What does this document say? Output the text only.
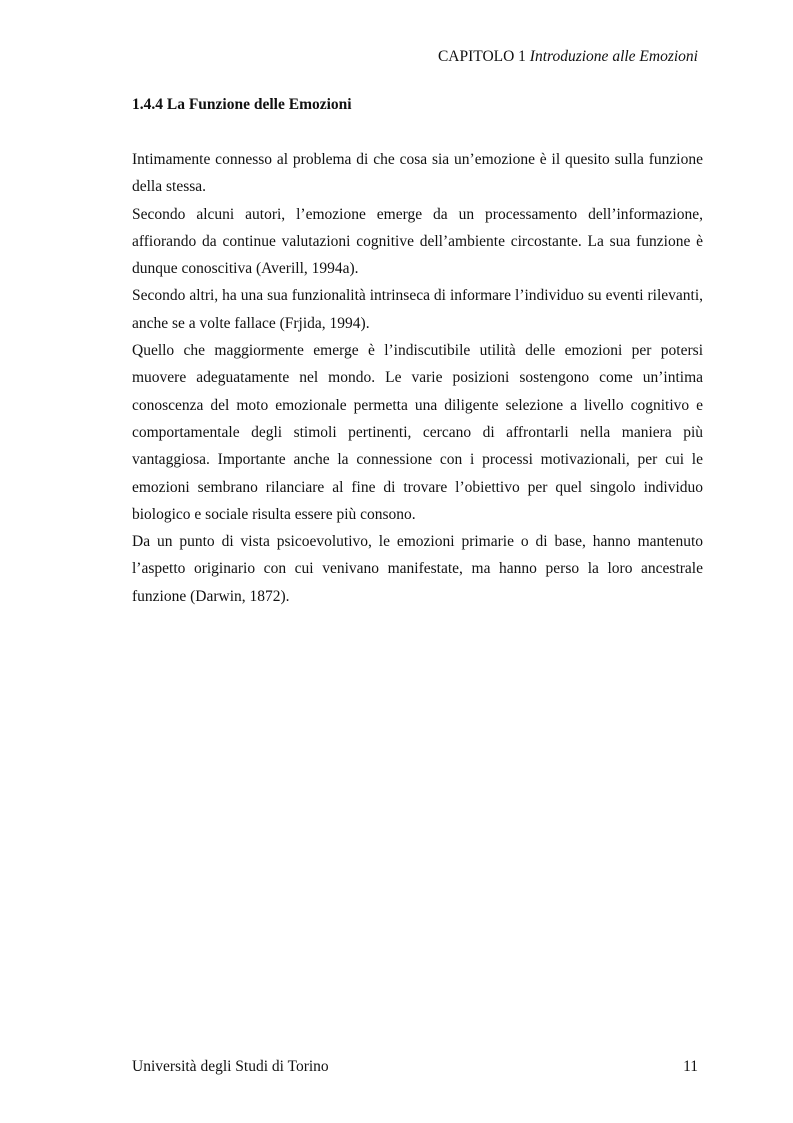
CAPITOLO 1 Introduzione alle Emozioni
1.4.4 La Funzione delle Emozioni

Intimamente connesso al problema di che cosa sia un’emozione è il quesito sulla funzione della stessa.

Secondo alcuni autori, l’emozione emerge da un processamento dell’informazione, affiorando da continue valutazioni cognitive dell’ambiente circostante. La sua funzione è dunque conoscitiva (Averill, 1994a).

Secondo altri, ha una sua funzionalità intrinseca di informare l’individuo su eventi rilevanti, anche se a volte fallace (Frjida, 1994).

Quello che maggiormente emerge è l’indiscutibile utilità delle emozioni per potersi muovere adeguatamente nel mondo. Le varie posizioni sostengono come un’intima conoscenza del moto emozionale permetta una diligente selezione a livello cognitivo e comportamentale degli stimoli pertinenti, cercano di affrontarli nella maniera più vantaggiosa. Importante anche la connessione con i processi motivazionali, per cui le emozioni sembrano rilanciare al fine di trovare l’obiettivo per quel singolo individuo biologico e sociale risulta essere più consono.

Da un punto di vista psicoevolutivo, le emozioni primarie o di base, hanno mantenuto l’aspetto originario con cui venivano manifestate, ma hanno perso la loro ancestrale funzione (Darwin, 1872).

Università degli Studi di Torino	11
